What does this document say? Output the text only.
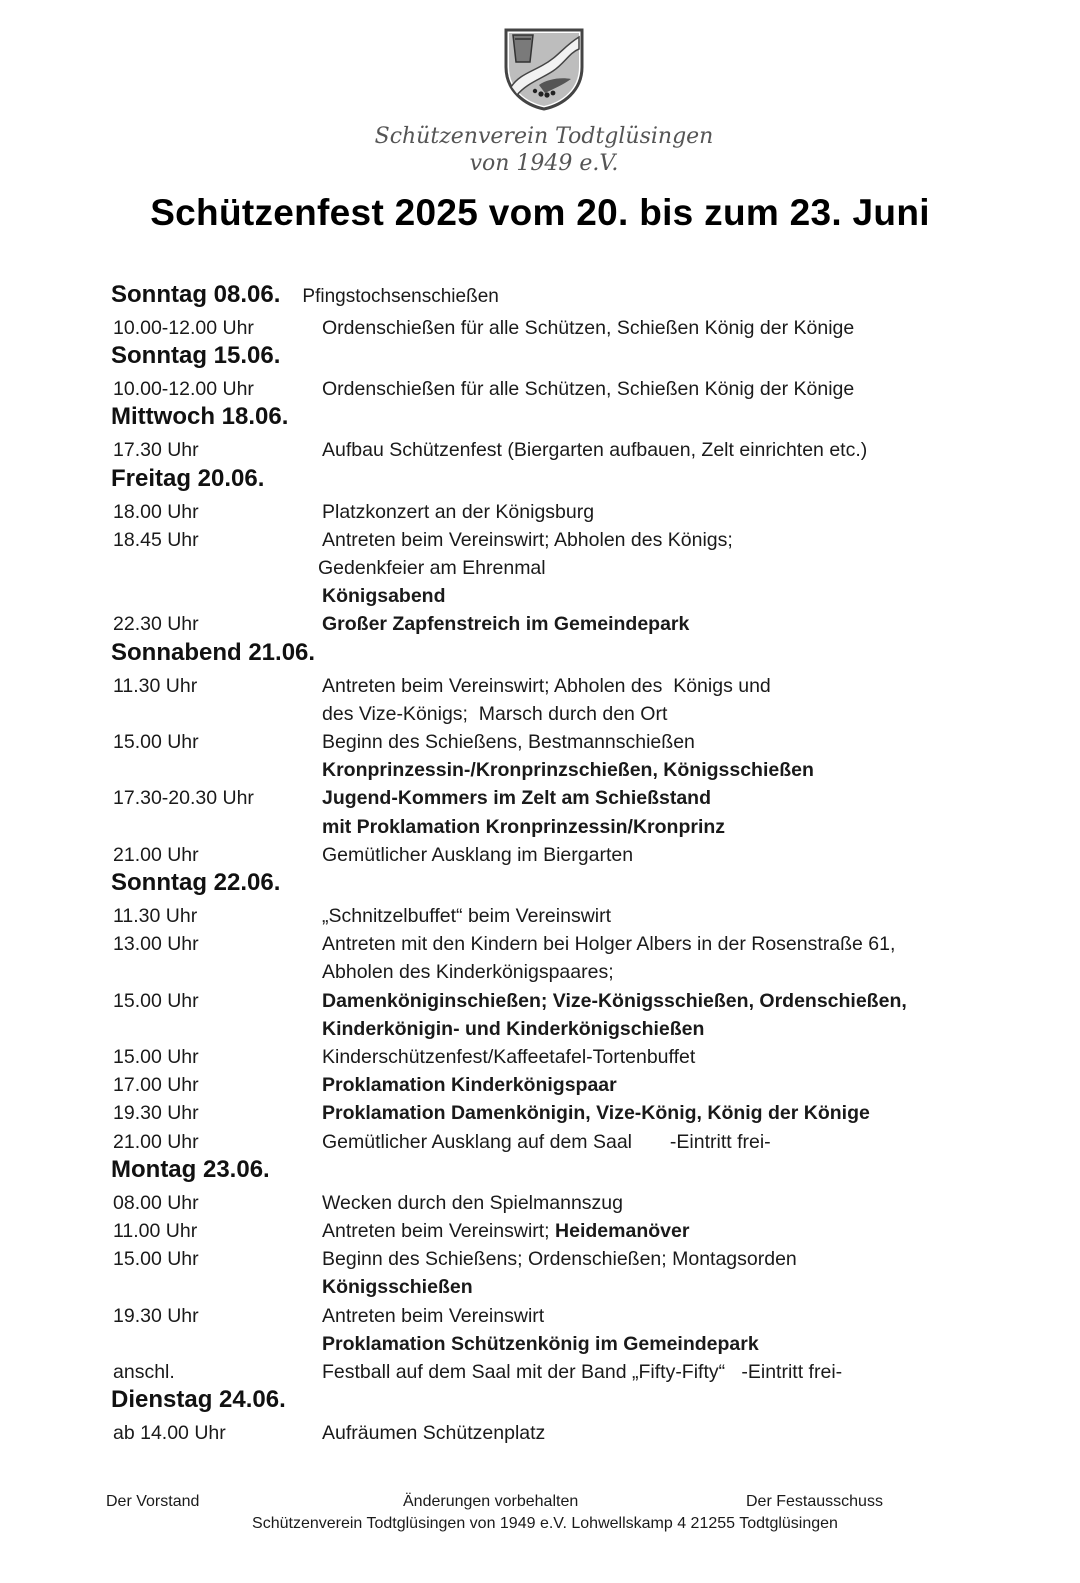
Schützenverein Todtglüsingen
von 1949 e.V.
Schützenfest 2025 vom 20. bis zum 23. Juni
Sonntag 08.06. Pfingstochsenschießen
10.00-12.00 Uhr	Ordenschießen für alle Schützen, Schießen König der Könige
Sonntag 15.06.
10.00-12.00 Uhr	Ordenschießen für alle Schützen, Schießen König der Könige
Mittwoch 18.06.
17.30 Uhr	Aufbau Schützenfest (Biergarten aufbauen, Zelt einrichten etc.)
Freitag 20.06.
18.00 Uhr	Platzkonzert an der Königsburg
18.45 Uhr	Antreten beim Vereinswirt; Abholen des Königs;
Gedenkfeier am Ehrenmal
Königsabend
22.30 Uhr	Großer Zapfenstreich im Gemeindepark
Sonnabend 21.06.
11.30 Uhr	Antreten beim Vereinswirt; Abholen des  Königs und
des Vize-Königs;  Marsch durch den Ort
15.00 Uhr	Beginn des Schießens, Bestmannschießen
Kronprinzessin-/Kronprinzschießen, Königsschießen
17.30-20.30 Uhr	Jugend-Kommers im Zelt am Schießstand
mit Proklamation Kronprinzessin/Kronprinz
21.00 Uhr	Gemütlicher Ausklang im Biergarten
Sonntag 22.06.
11.30 Uhr	„Schnitzelbuffet“ beim Vereinswirt
13.00 Uhr	Antreten mit den Kindern bei Holger Albers in der Rosenstraße 61,
Abholen des Kinderkönigspaares;
15.00 Uhr	Damenköniginschießen; Vize-Königsschießen, Ordenschießen,
Kinderkönigin- und Kinderkönigschießen
15.00 Uhr	Kinderschützenfest/Kaffeetafel-Tortenbuffet
17.00 Uhr	Proklamation Kinderkönigspaar
19.30 Uhr	Proklamation Damenkönigin, Vize-König, König der Könige
21.00 Uhr	Gemütlicher Ausklang auf dem Saal       -Eintritt frei-
Montag 23.06.
08.00 Uhr	Wecken durch den Spielmannszug
11.00 Uhr	Antreten beim Vereinswirt; Heidemanöver
15.00 Uhr	Beginn des Schießens; Ordenschießen; Montagsorden
Königsschießen
19.30 Uhr	Antreten beim Vereinswirt
Proklamation Schützenkönig im Gemeindepark
anschl.	Festball auf dem Saal mit der Band „Fifty-Fifty“   -Eintritt frei-
Dienstag 24.06.
ab 14.00 Uhr	Aufräumen Schützenplatz
Der Vorstand	Änderungen vorbehalten	Der Festausschuss
Schützenverein Todtglüsingen von 1949 e.V. Lohwellskamp 4 21255 Todtglüsingen
